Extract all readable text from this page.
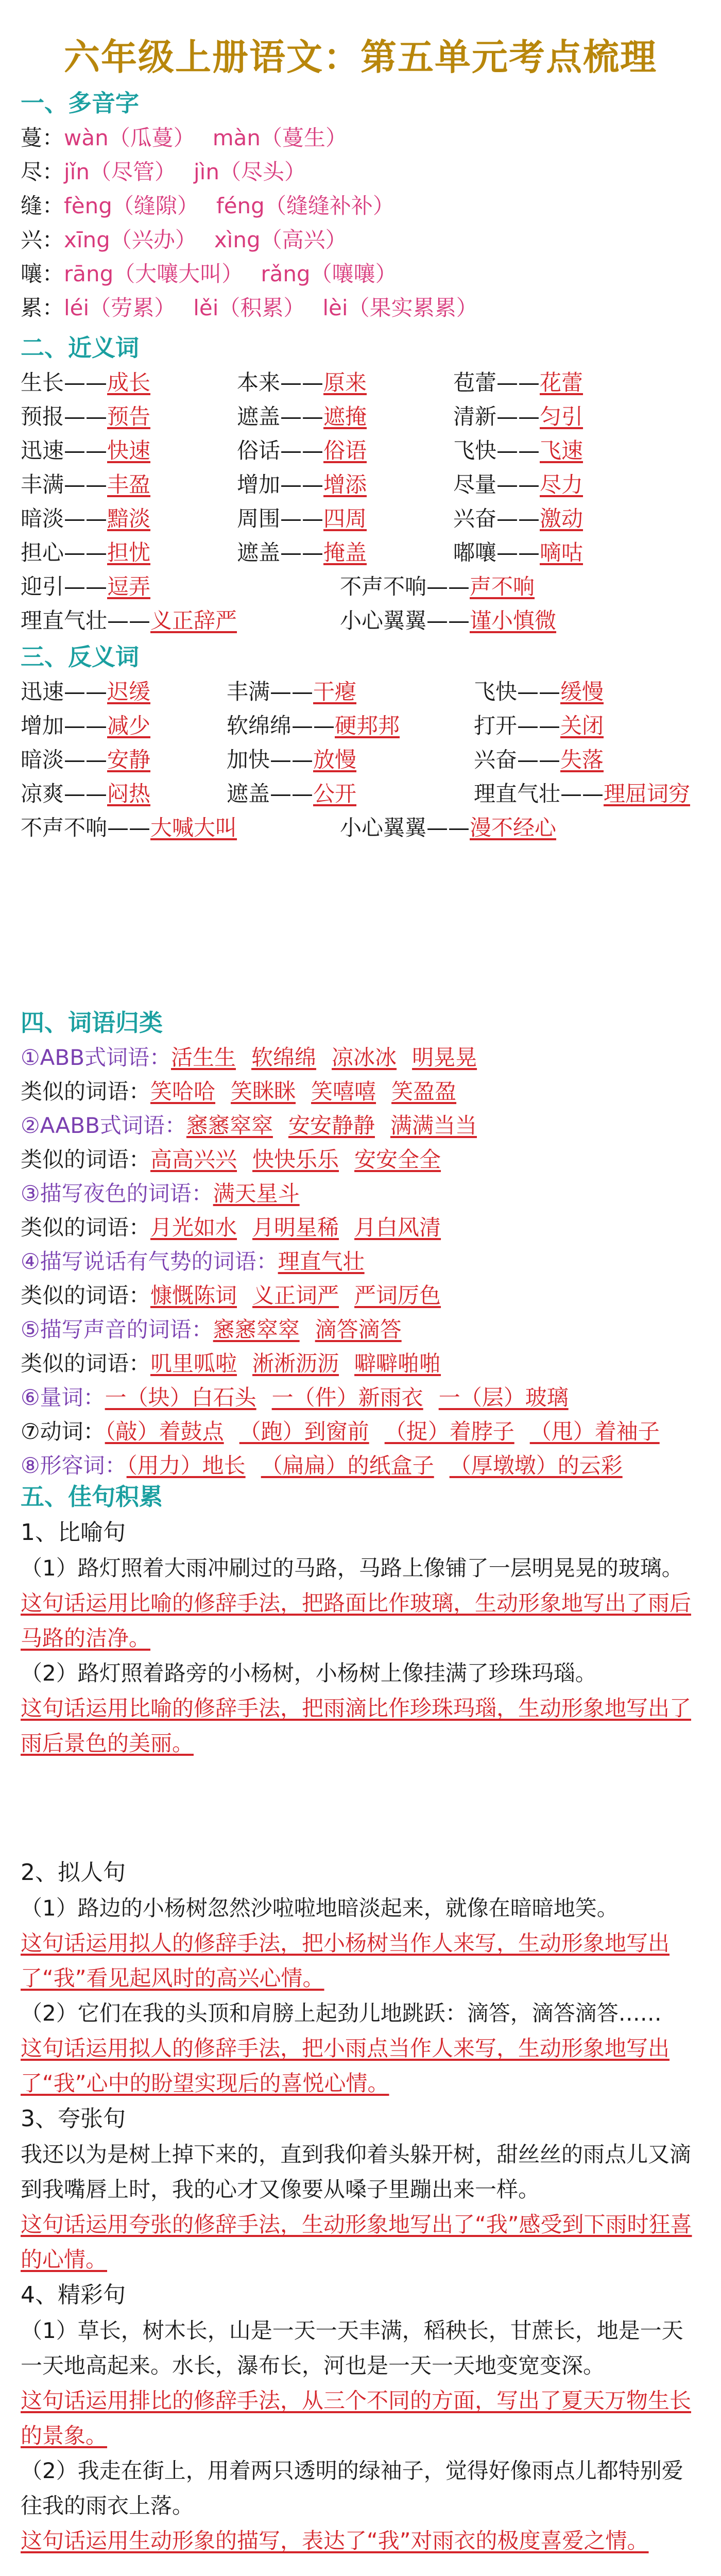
六年级上册语文：第五单元考点梳理
一、多音字
蔓：wàn（瓜蔓） màn（蔓生）
尽：jǐn（尽管） jìn（尽头）
缝：fèng（缝隙） féng（缝缝补补）
兴：xīng（兴办） xìng（高兴）
嚷：rāng（大嚷大叫） rǎng（嚷嚷）
累：léi（劳累） lěi（积累） lèi（果实累累）
二、近义词
生长——成长	本来——原来	苞蕾——花蕾
预报——预告	遮盖——遮掩	清新——匀引
迅速——快速	俗话——俗语	飞快——飞速
丰满——丰盈	增加——增添	尽量——尽力
暗淡——黯淡	周围——四周	兴奋——激动
担心——担忧	遮盖——掩盖	嘟嚷——嘀咕
迎引——逗弄	不声不响——声不响
理直气壮——义正辞严	小心翼翼——谨小慎微
三、反义词
迅速——迟缓	丰满——干瘪	飞快——缓慢
增加——减少	软绵绵——硬邦邦	打开——关闭
暗淡——安静	加快——放慢	兴奋——失落
凉爽——闷热	遮盖——公开	理直气壮——理屈词穷
不声不响——大喊大叫	小心翼翼——漫不经心
四、词语归类
①ABB式词语：活生生 软绵绵 凉冰冰 明晃晃
类似的词语：笑哈哈 笑眯眯 笑嘻嘻 笑盈盈
②AABB式词语：窸窸窣窣 安安静静 满满当当
类似的词语：高高兴兴 快快乐乐 安安全全
③描写夜色的词语：满天星斗
类似的词语：月光如水 月明星稀 月白风清
④描写说话有气势的词语：理直气壮
类似的词语：慷慨陈词 义正词严 严词厉色
⑤描写声音的词语：窸窸窣窣 滴答滴答
类似的词语：叽里呱啦 淅淅沥沥 噼噼啪啪
⑥量词：一（块）白石头 一（件）新雨衣 一（层）玻璃
⑦动词：（敲）着鼓点 （跑）到窗前 （捉）着脖子 （甩）着袖子
⑧形容词：（用力）地长 （扁扁）的纸盒子 （厚墩墩）的云彩
五、佳句积累
1、比喻句
（1）路灯照着大雨冲刷过的马路，马路上像铺了一层明晃晃的玻璃。
这句话运用比喻的修辞手法，把路面比作玻璃，生动形象地写出了雨后马路的洁净。
（2）路灯照着路旁的小杨树，小杨树上像挂满了珍珠玛瑙。
这句话运用比喻的修辞手法，把雨滴比作珍珠玛瑙，生动形象地写出了雨后景色的美丽。
2、拟人句
（1）路边的小杨树忽然沙啦啦地暗淡起来，就像在暗暗地笑。
这句话运用拟人的修辞手法，把小杨树当作人来写，生动形象地写出了“我”看见起风时的高兴心情。
（2）它们在我的头顶和肩膀上起劲儿地跳跃：滴答，滴答滴答……
这句话运用拟人的修辞手法，把小雨点当作人来写，生动形象地写出了“我”心中的盼望实现后的喜悦心情。
3、夸张句
我还以为是树上掉下来的，直到我仰着头躲开树，甜丝丝的雨点儿又滴到我嘴唇上时，我的心才又像要从嗓子里蹦出来一样。
这句话运用夸张的修辞手法，生动形象地写出了“我”感受到下雨时狂喜的心情。
4、精彩句
（1）草长，树木长，山是一天一天丰满，稻秧长，甘蔗长，地是一天一天地高起来。水长，瀑布长，河也是一天一天地变宽变深。
这句话运用排比的修辞手法，从三个不同的方面，写出了夏天万物生长的景象。
（2）我走在街上，用着两只透明的绿袖子，觉得好像雨点儿都特别爱往我的雨衣上落。
这句话运用生动形象的描写，表达了“我”对雨衣的极度喜爱之情。
